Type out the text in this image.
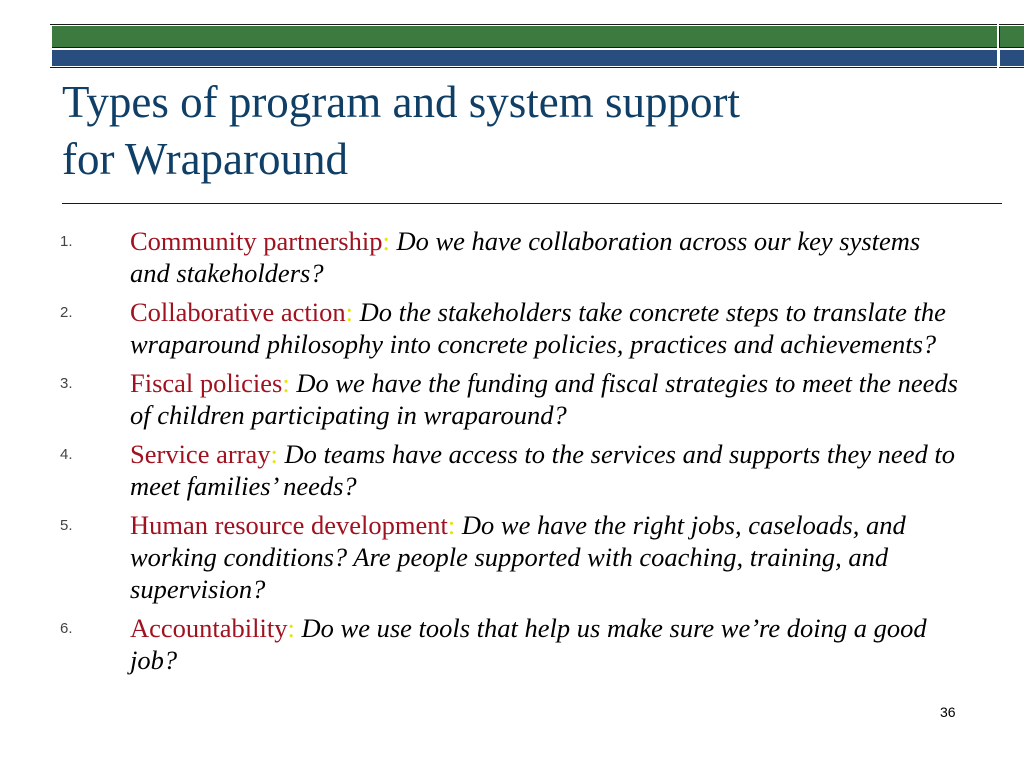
Types of program and system support
for Wraparound
1. Community partnership: Do we have collaboration across our key systems and stakeholders?
2. Collaborative action: Do the stakeholders take concrete steps to translate the wraparound philosophy into concrete policies, practices and achievements?
3. Fiscal policies: Do we have the funding and fiscal strategies to meet the needs of children participating in wraparound?
4. Service array: Do teams have access to the services and supports they need to meet families’ needs?
5. Human resource development: Do we have the right jobs, caseloads, and working conditions? Are people supported with coaching, training, and supervision?
6. Accountability: Do we use tools that help us make sure we’re doing a good job?
36
